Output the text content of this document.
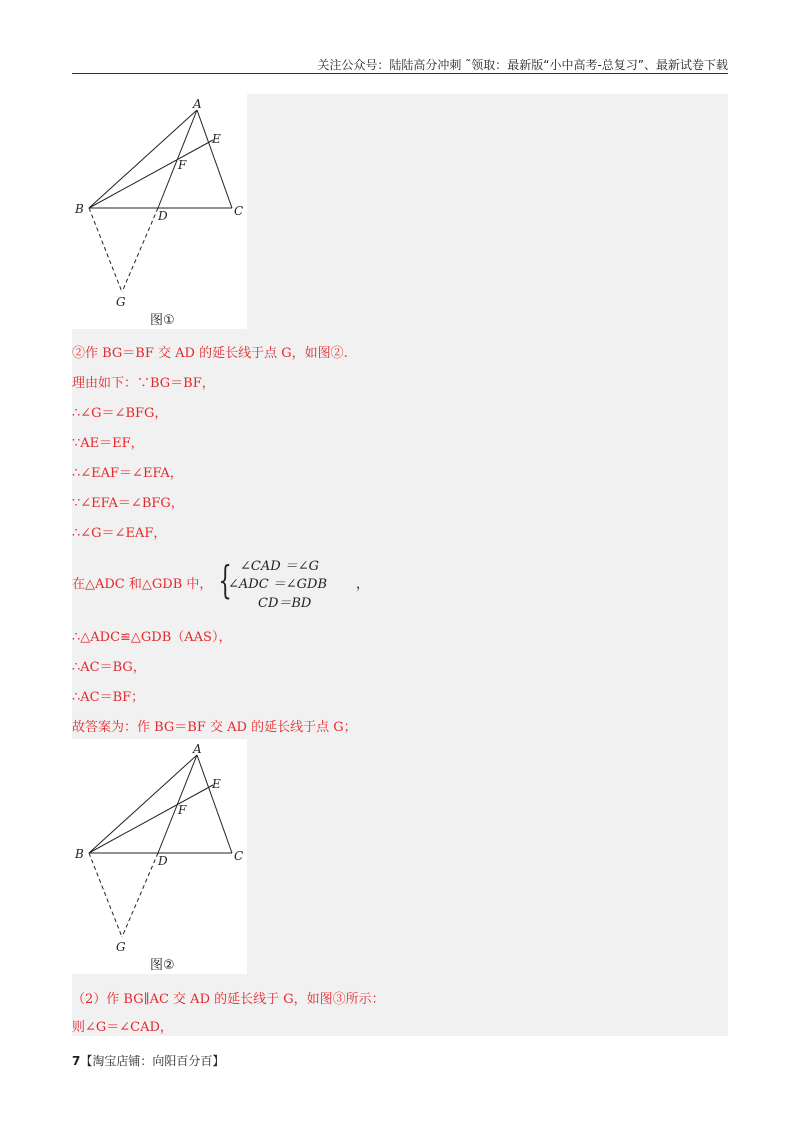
关注公众号：陆陆高分冲刺 ˜领取：最新版“小中高考-总复习”、最新试卷下载
A
B	C
D
E
F
G
图①
②作 BG＝BF 交 AD 的延长线于点 G，如图②.
理由如下：∵BG＝BF，
∴∠G＝∠BFG，
∵AE＝EF，
∴∠EAF＝∠EFA，
∵∠EFA＝∠BFG，
∴∠G＝∠EAF，
在△ADC 和△GDB 中， { ∠CAD ＝∠G
∠ADC ＝∠GDB
CD＝BD
，
∴△ADC≌△GDB（AAS），
∴AC＝BG，
∴AC＝BF；
故答案为：作 BG＝BF 交 AD 的延长线于点 G；
A
B	C
D
E
F
G
图②
（2）作 BG∥AC 交 AD 的延长线于 G，如图③所示：
则∠G＝∠CAD，
7【淘宝店铺：向阳百分百】
